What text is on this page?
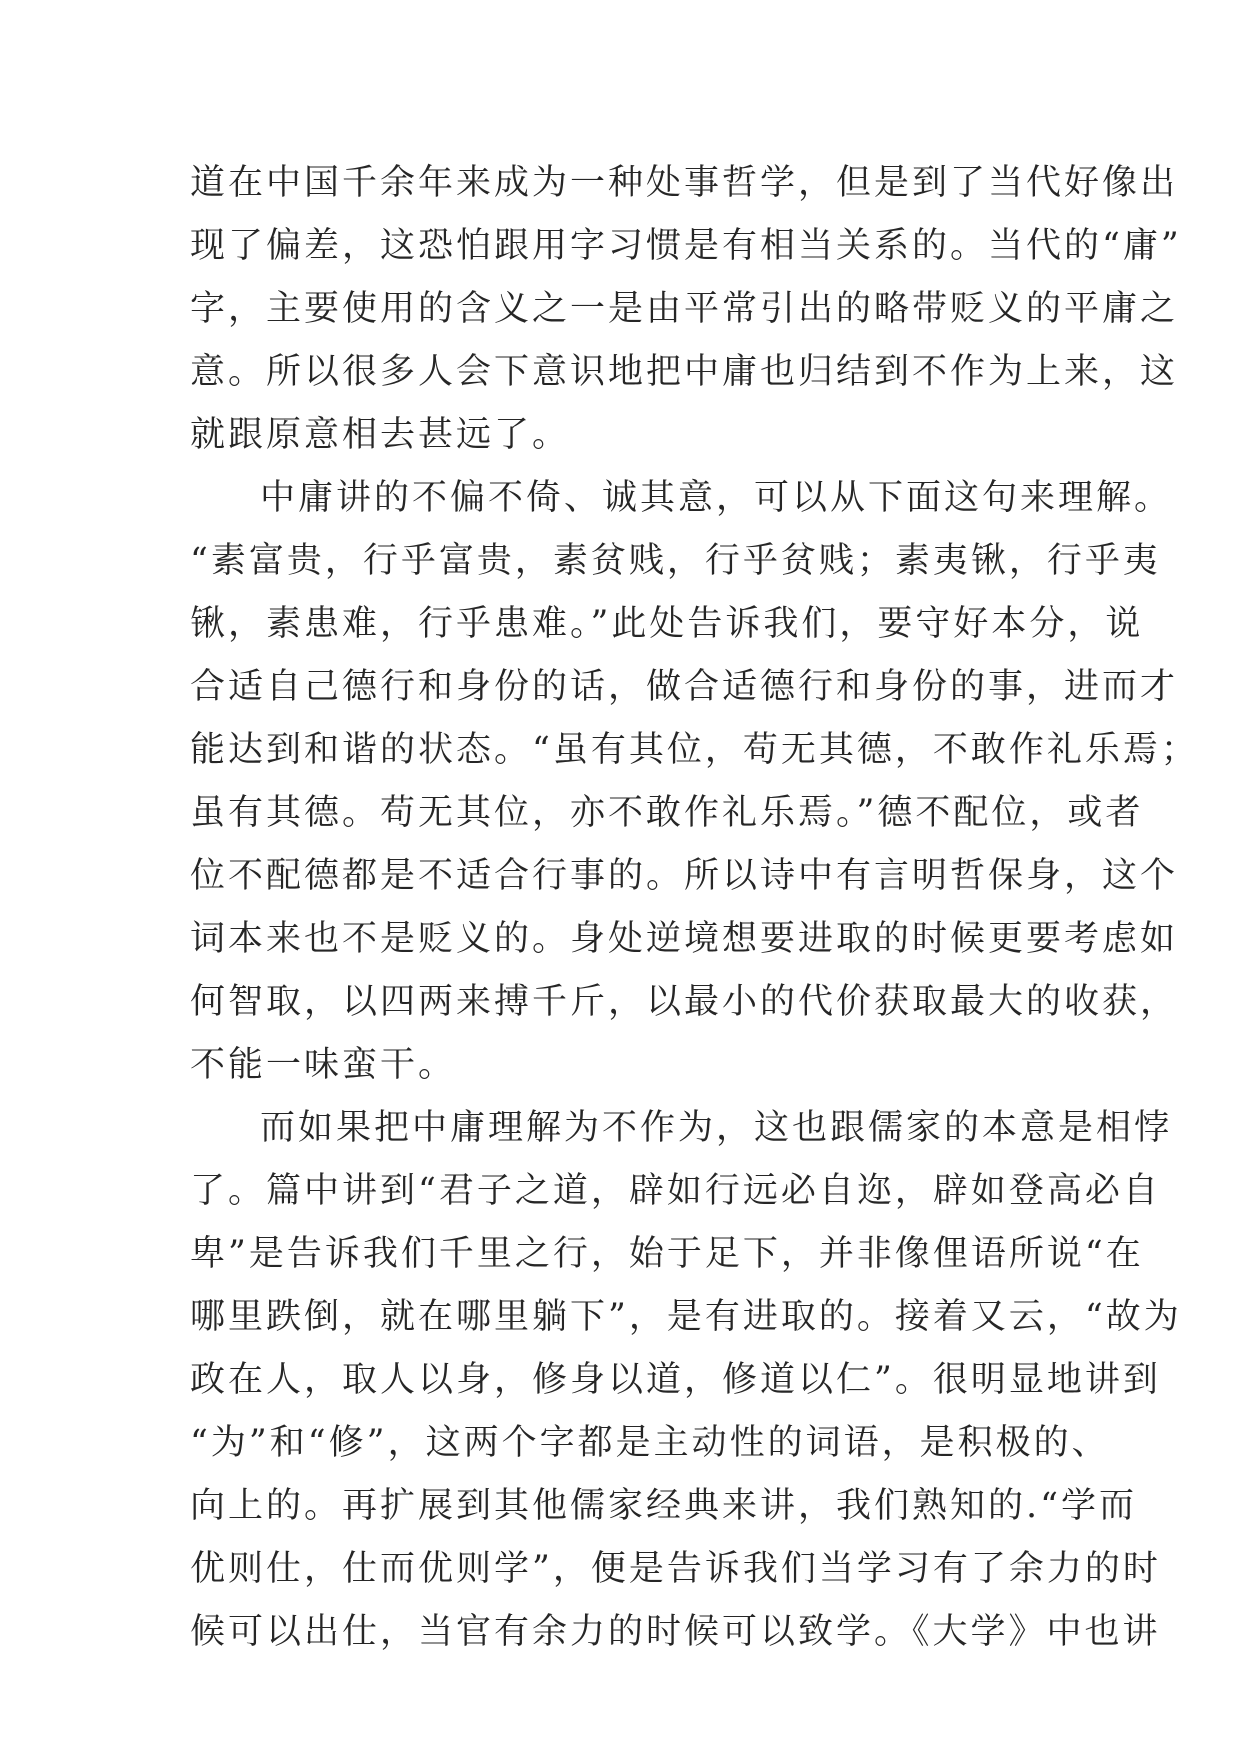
道在中国千余年来成为一种处事哲学，但是到了当代好像出
现了偏差，这恐怕跟用字习惯是有相当关系的。当代的“庸”
字，主要使用的含义之一是由平常引出的略带贬义的平庸之
意。所以很多人会下意识地把中庸也归结到不作为上来，这
就跟原意相去甚远了。
中庸讲的不偏不倚、诚其意，可以从下面这句来理解。
“素富贵，行乎富贵，素贫贱，行乎贫贱；素夷锹，行乎夷
锹，素患难，行乎患难。”此处告诉我们，要守好本分，说
合适自己德行和身份的话，做合适德行和身份的事，进而才
能达到和谐的状态。“虽有其位，苟无其德，不敢作礼乐焉；
虽有其德。苟无其位，亦不敢作礼乐焉。”德不配位，或者
位不配德都是不适合行事的。所以诗中有言明哲保身，这个
词本来也不是贬义的。身处逆境想要进取的时候更要考虑如
何智取，以四两来搏千斤，以最小的代价获取最大的收获，
不能一味蛮干。
而如果把中庸理解为不作为，这也跟儒家的本意是相悖
了。篇中讲到“君子之道，辟如行远必自迩，辟如登高必自
卑”是告诉我们千里之行，始于足下，并非像俚语所说“在
哪里跌倒，就在哪里躺下”，是有进取的。接着又云，“故为
政在人，取人以身，修身以道，修道以仁”。很明显地讲到
“为”和“修”，这两个字都是主动性的词语，是积极的、
向上的。再扩展到其他儒家经典来讲，我们熟知的.“学而
优则仕，仕而优则学”，便是告诉我们当学习有了余力的时
候可以出仕，当官有余力的时候可以致学。《大学》中也讲
